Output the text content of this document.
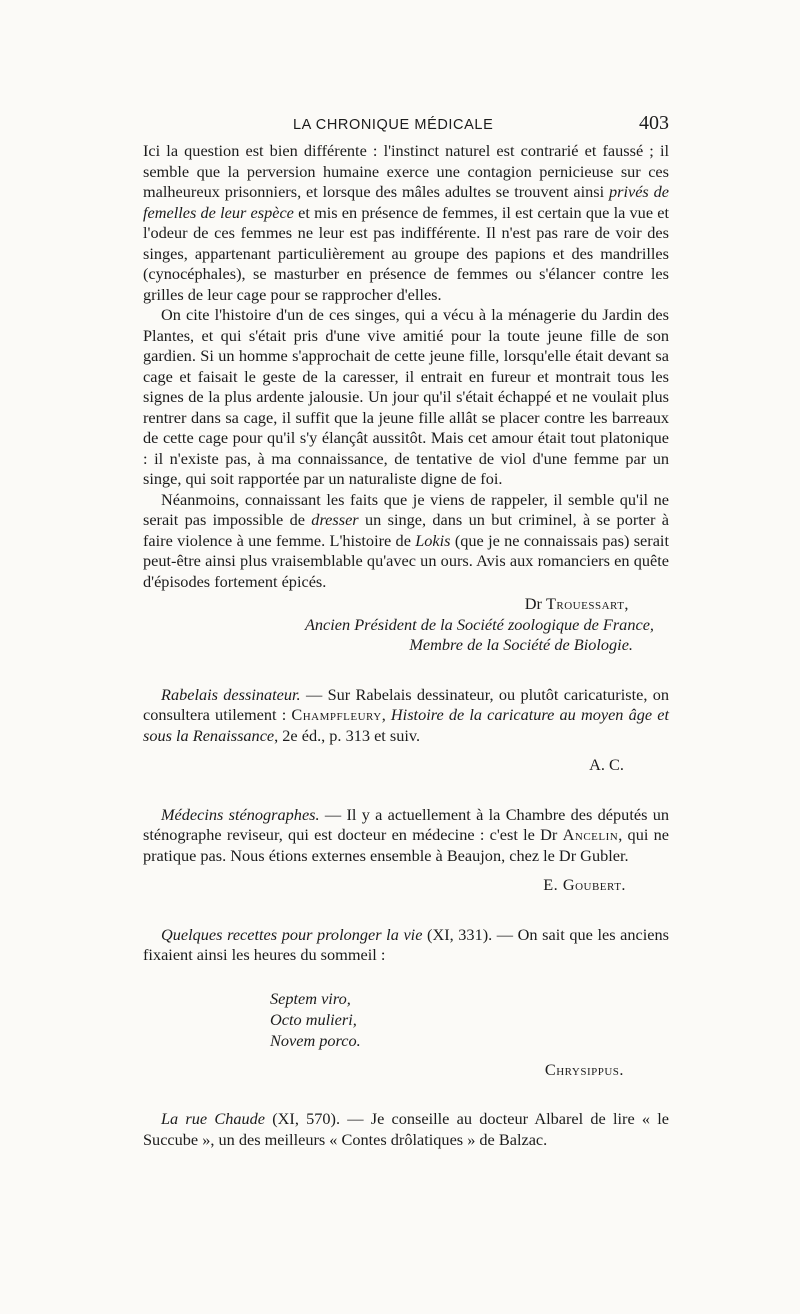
LA CHRONIQUE MÉDICALE	403

Ici la question est bien différente : l'instinct naturel est contrarié et faussé ; il semble que la perversion humaine exerce une contagion pernicieuse sur ces malheureux prisonniers, et lorsque des mâles adultes se trouvent ainsi privés de femelles de leur espèce et mis en présence de femmes, il est certain que la vue et l'odeur de ces femmes ne leur est pas indifférente. Il n'est pas rare de voir des singes, appartenant particulièrement au groupe des papions et des mandrilles (cynocéphales), se masturber en présence de femmes ou s'élancer contre les grilles de leur cage pour se rapprocher d'elles.

On cite l'histoire d'un de ces singes, qui a vécu à la ménagerie du Jardin des Plantes, et qui s'était pris d'une vive amitié pour la toute jeune fille de son gardien. Si un homme s'approchait de cette jeune fille, lorsqu'elle était devant sa cage et faisait le geste de la caresser, il entrait en fureur et montrait tous les signes de la plus ardente jalousie. Un jour qu'il s'était échappé et ne voulait plus rentrer dans sa cage, il suffit que la jeune fille allât se placer contre les barreaux de cette cage pour qu'il s'y élançât aussitôt. Mais cet amour était tout platonique : il n'existe pas, à ma connaissance, de tentative de viol d'une femme par un singe, qui soit rapportée par un naturaliste digne de foi.

Néanmoins, connaissant les faits que je viens de rappeler, il semble qu'il ne serait pas impossible de dresser un singe, dans un but criminel, à se porter à faire violence à une femme. L'histoire de Lokis (que je ne connaissais pas) serait peut-être ainsi plus vraisemblable qu'avec un ours. Avis aux romanciers en quête d'épisodes fortement épicés.

Dr Trouessart,
Ancien Président de la Société zoologique de France,
Membre de la Société de Biologie.

Rabelais dessinateur. — Sur Rabelais dessinateur, ou plutôt caricaturiste, on consultera utilement : Champfleury, Histoire de la caricature au moyen âge et sous la Renaissance, 2e éd., p. 313 et suiv.

A. C.

Médecins sténographes. — Il y a actuellement à la Chambre des députés un sténographe reviseur, qui est docteur en médecine : c'est le Dr Ancelin, qui ne pratique pas. Nous étions externes ensemble à Beaujon, chez le Dr Gubler.

E. Goubert.

Quelques recettes pour prolonger la vie (XI, 331). — On sait que les anciens fixaient ainsi les heures du sommeil :

Septem viro,
Octo mulieri,
Novem porco.
Chrysippus.

La rue Chaude (XI, 570). — Je conseille au docteur Albarel de lire « le Succube », un des meilleurs « Contes drôlatiques » de Balzac.
